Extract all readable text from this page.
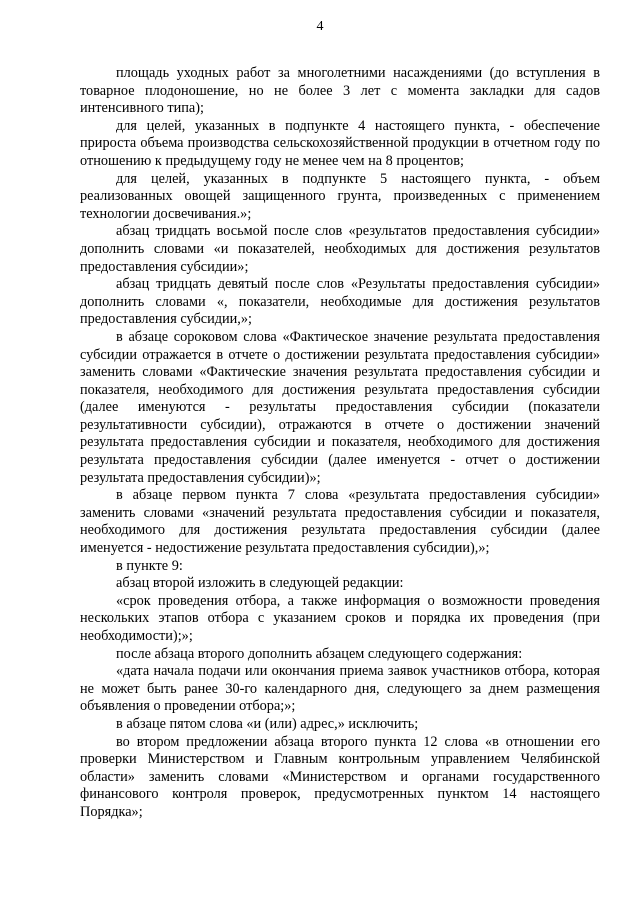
4

площадь уходных работ за многолетними насаждениями (до вступления в товарное плодоношение, но не более 3 лет с момента закладки для садов интенсивного типа);

для целей, указанных в подпункте 4 настоящего пункта, - обеспечение прироста объема производства сельскохозяйственной продукции в отчетном году по отношению к предыдущему году не менее чем на 8 процентов;

для целей, указанных в подпункте 5 настоящего пункта, - объем реализованных овощей защищенного грунта, произведенных с применением технологии досвечивания.»;

абзац тридцать восьмой после слов «результатов предоставления субсидии» дополнить словами «и показателей, необходимых для достижения результатов предоставления субсидии»;

абзац тридцать девятый после слов «Результаты предоставления субсидии» дополнить словами «, показатели, необходимые для достижения результатов предоставления субсидии,»;

в абзаце сороковом слова «Фактическое значение результата предоставления субсидии отражается в отчете о достижении результата предоставления субсидии» заменить словами «Фактические значения результата предоставления субсидии и показателя, необходимого для достижения результата предоставления субсидии (далее именуются - результаты предоставления субсидии (показатели результативности субсидии), отражаются в отчете о достижении значений результата предоставления субсидии и показателя, необходимого для достижения результата предоставления субсидии (далее именуется - отчет о достижении результата предоставления субсидии)»;

в абзаце первом пункта 7 слова «результата предоставления субсидии» заменить словами «значений результата предоставления субсидии и показателя, необходимого для достижения результата предоставления субсидии (далее именуется - недостижение результата предоставления субсидии),»;

в пункте 9:

абзац второй изложить в следующей редакции:

«срок проведения отбора, а также информация о возможности проведения нескольких этапов отбора с указанием сроков и порядка их проведения (при необходимости);»;

после абзаца второго дополнить абзацем следующего содержания:

«дата начала подачи или окончания приема заявок участников отбора, которая не может быть ранее 30-го календарного дня, следующего за днем размещения объявления о проведении отбора;»;

в абзаце пятом слова «и (или) адрес,» исключить;

во втором предложении абзаца второго пункта 12 слова «в отношении его проверки Министерством и Главным контрольным управлением Челябинской области» заменить словами «Министерством и органами государственного финансового контроля проверок, предусмотренных пунктом 14 настоящего Порядка»;
